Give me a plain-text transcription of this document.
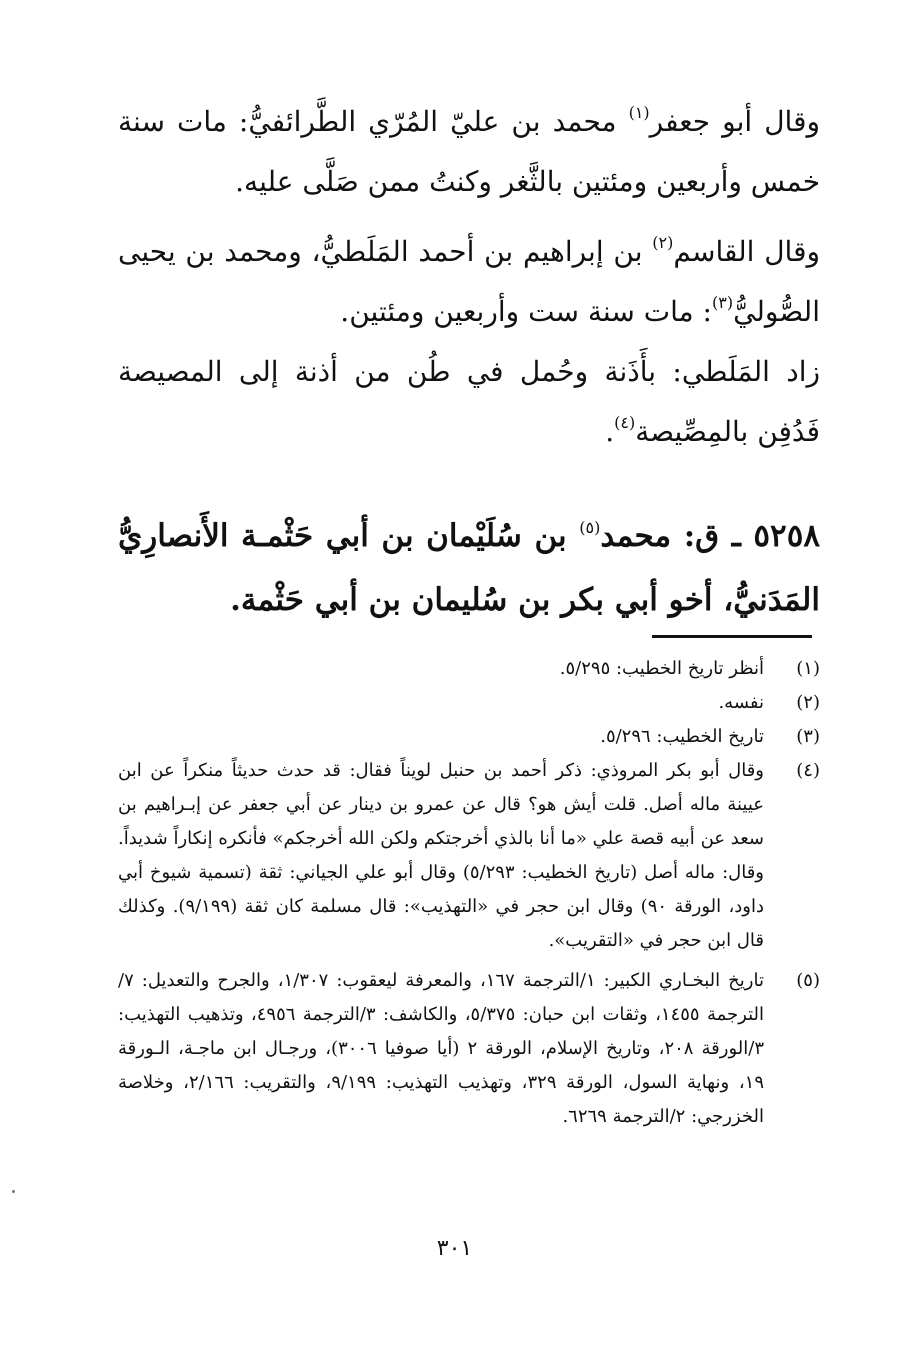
وقال أبو جعفر$^{(١)}$ محمد بن عليّ المُرّي الطَّرائفيُّ: مات سنة خمس وأربعين ومئتين بالثَّغر وكنتُ ممن صَلَّى عليه.

وقال القاسم$^{(٢)}$ بن إبراهيم بن أحمد المَلَطيُّ، ومحمد بن يحيى الصُّوليُّ$^{(٣)}$: مات سنة ست وأربعين ومئتين.

زاد المَلَطي: بأَذَنة وحُمل في طُن من أذنة إلى المصيصة فَدُفِن بالمِصِّيصة$^{(٤)}$.

٥٢٥٨ ـ ق: محمد$^{(٥)}$ بن سُلَيْمان بن أبي حَثْمـة الأَنصارِيُّ المَدَنيُّ، أخو أبي بكر بن سُليمان بن أبي حَثْمة.

(١)
أنظر تاريخ الخطيب: ٥/٢٩٥.
(٢)
نفسه.
(٣)
تاريخ الخطيب: ٥/٢٩٦.
(٤)
وقال أبو بكر المروذي: ذكر أحمد بن حنبل لويناً فقال: قد حدث حديثاً منكراً عن ابن عيينة ماله أصل. قلت أيش هو؟ قال عن عمرو بن دينار عن أبي جعفر عن إبـراهيم بن سعد عن أبيه قصة علي «ما أنا بالذي أخرجتكم ولكن الله أخرجكم» فأنكره إنكاراً شديداً. وقال: ماله أصل (تاريخ الخطيب: ٥/٢٩٣) وقال أبو علي الجياني: ثقة (تسمية شيوخ أبي داود، الورقة ٩٠) وقال ابن حجر في «التهذيب»: قال مسلمة كان ثقة (٩/١٩٩). وكذلك قال ابن حجر في «التقريب».
(٥)
تاريخ البخـاري الكبير: ١/الترجمة ١٦٧، والمعرفة ليعقوب: ١/٣٠٧، والجرح والتعديل: ٧/الترجمة ١٤٥٥، وثقات ابن حبان: ٥/٣٧٥، والكاشف: ٣/الترجمة ٤٩٥٦، وتذهيب التهذيب: ٣/الورقة ٢٠٨، وتاريخ الإسلام، الورقة ٢ (أيا صوفيا ٣٠٠٦)، ورجـال ابن ماجـة، الـورقة ١٩، ونهاية السول، الورقة ٣٢٩، وتهذيب التهذيب: ٩/١٩٩، والتقريب: ٢/١٦٦، وخلاصة الخزرجي: ٢/الترجمة ٦٢٦٩.
٣٠١
